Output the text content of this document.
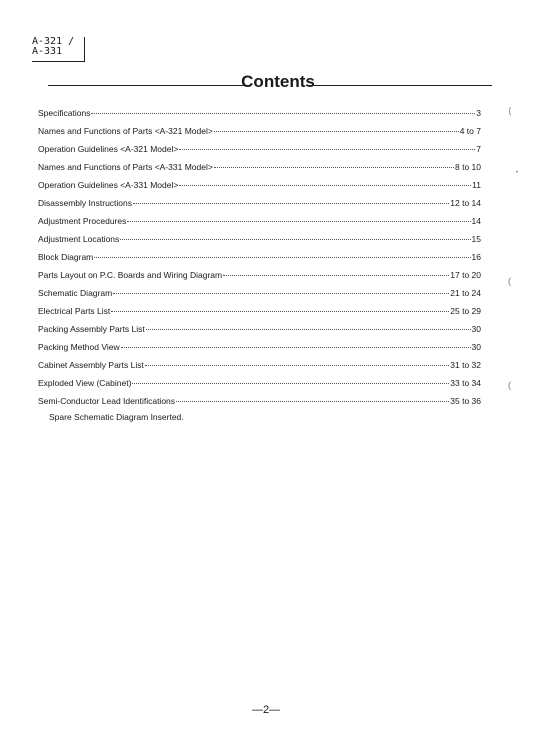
A-321 /
A-331
Contents
Specifications	3
Names and Functions of Parts <A-321 Model>	4 to 7
Operation Guidelines <A-321 Model>	7
Names and Functions of Parts <A-331 Model>	8 to 10
Operation Guidelines <A-331 Model>	11
Disassembly Instructions	12 to 14
Adjustment Procedures	14
Adjustment Locations	15
Block Diagram	16
Parts Layout on P.C. Boards and Wiring Diagram	17 to 20
Schematic Diagram	21 to 24
Electrical Parts List	25 to 29
Packing Assembly Parts List	30
Packing Method View	30
Cabinet Assembly Parts List	31 to 32
Exploded View (Cabinet)	33 to 34
Semi-Conductor Lead Identifications	35 to 36
Spare Schematic Diagram Inserted.
—2—
⟨
•
(
(
